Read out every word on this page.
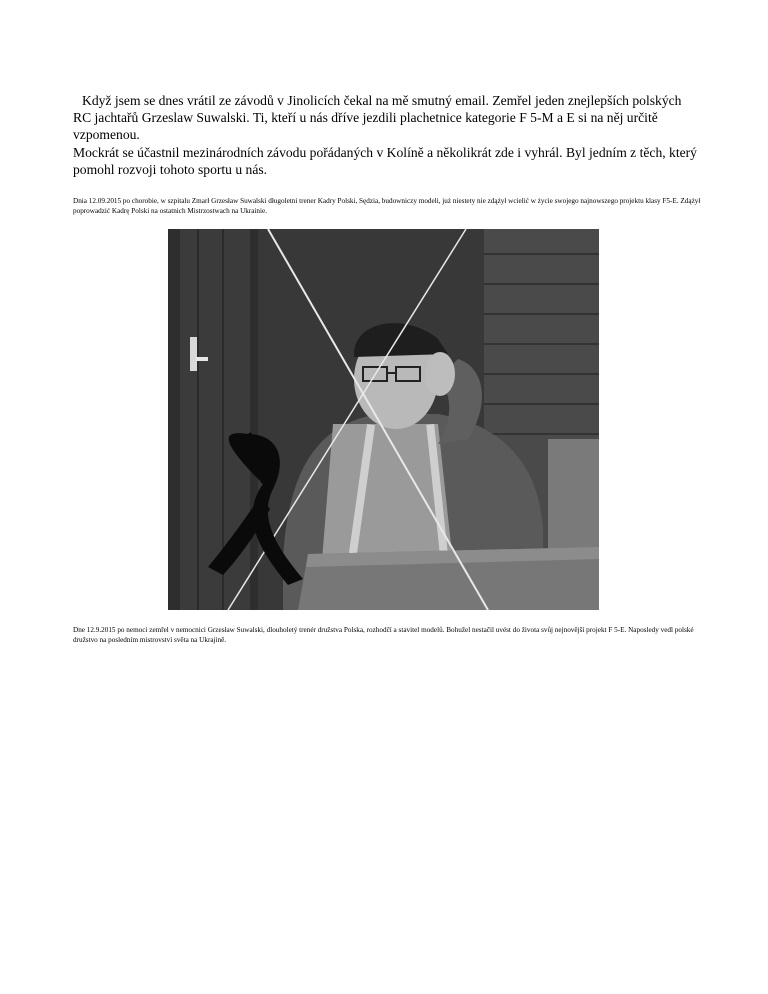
Když jsem se dnes vrátil ze závodů v Jinolicích čekal na mě smutný email. Zemřel jeden znejlepších polských

RC jachtařů Grzeslaw Suwalski. Ti, kteří u nás dříve jezdili plachetnice kategorie F 5-M a E si na něj určitě vzpomenou.

Mockrát se účastnil mezinárodních závodu pořádaných v Kolíně a několikrát zde i vyhrál. Byl jedním z těch, který

pomohl rozvoji tohoto sportu u nás.

Dnia 12.09.2015 po chorobie, w szpitalu Zmarł Grzesław Suwalski długoletni trener Kadry Polski, Sędzia, budowniczy modeli, już niestety nie zdążył wcielić w życie swojego najnowszego projektu klasy F5-E. Zdążył poprowadzić Kadrę Polski na ostatnich Mistrzostwach na Ukrainie.
Dne 12.9.2015 po nemoci zemřel v nemocnici Grzesław Suwalski, dlouholetý trenér družstva Polska, rozhodčí a stavitel modelů. Bohužel nestačil uvést do života svůj nejnovější projekt F 5-E. Naposledy vedl polské družstvo na posledním mistrovství světa na Ukrajině.
